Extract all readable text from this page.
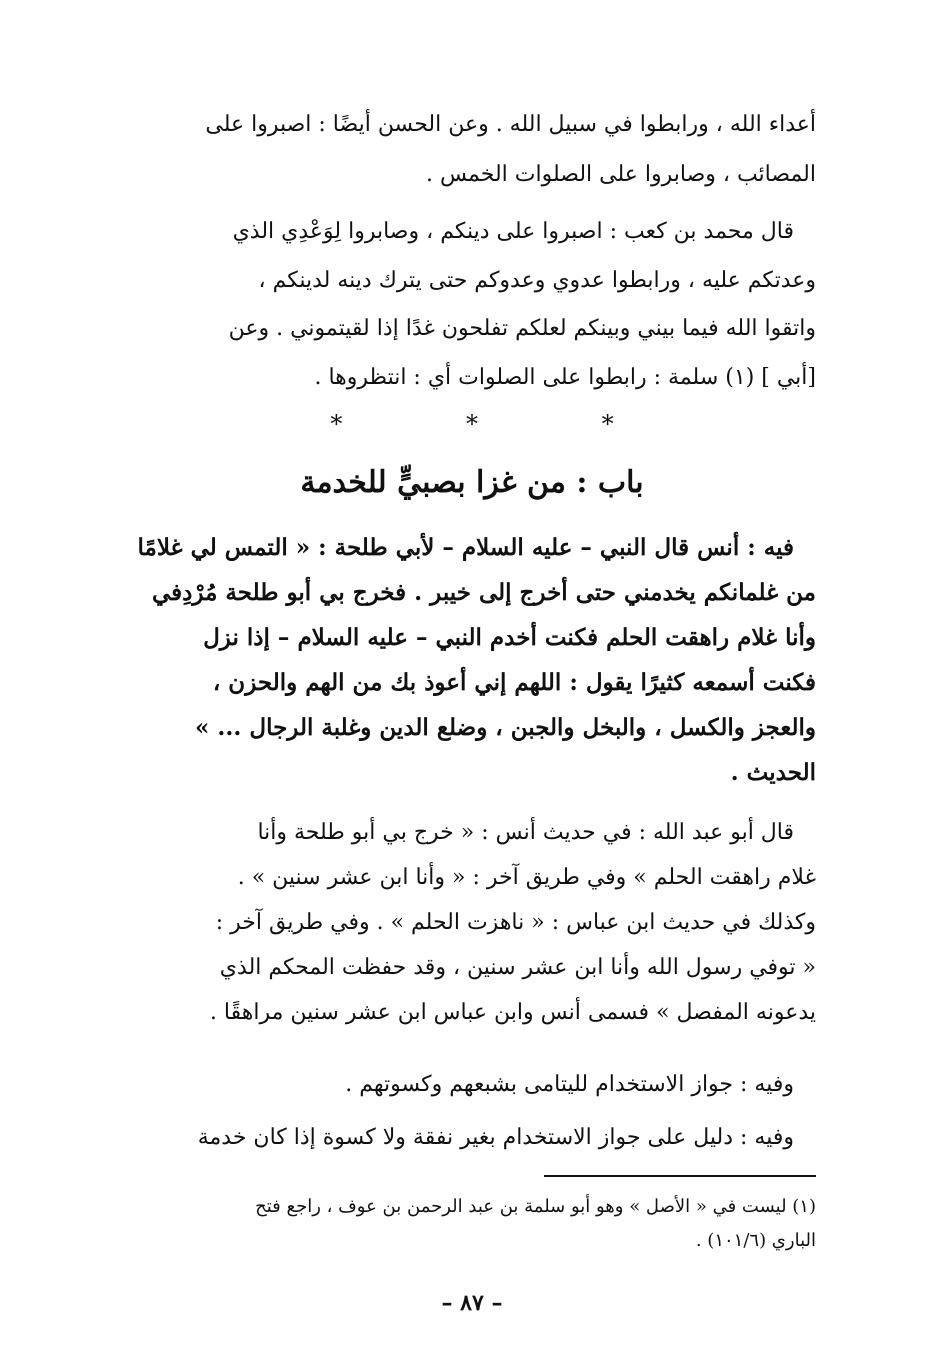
أعداء الله ، ورابطوا في سبيل الله . وعن الحسن أيضًا : اصبروا على
المصائب ، وصابروا على الصلوات الخمس .
قال محمد بن كعب : اصبروا على دينكم ، وصابروا لِوَعْدِي الذي
وعدتكم عليه ، ورابطوا عدوي وعدوكم حتى يترك دينه لدينكم ،
واتقوا الله فيما بيني وبينكم لعلكم تفلحون غدًا إذا لقيتموني . وعن
[أبي ] (١) سلمة : رابطوا على الصلوات أي : انتظروها .
* * *
باب : من غزا بصبيٍّ للخدمة
فيه : أنس قال النبي – عليه السلام – لأبي طلحة : « التمس لي غلامًا
من غلمانكم يخدمني حتى أخرج إلى خيبر . فخرج بي أبو طلحة مُرْدِفي
وأنا غلام راهقت الحلم فكنت أخدم النبي – عليه السلام – إذا نزل
فكنت أسمعه كثيرًا يقول : اللهم إني أعوذ بك من الهم والحزن ،
والعجز والكسل ، والبخل والجبن ، وضلع الدين وغلبة الرجال ... »
الحديث .
قال أبو عبد الله : في حديث أنس : « خرج بي أبو طلحة وأنا
غلام راهقت الحلم » وفي طريق آخر : « وأنا ابن عشر سنين » .
وكذلك في حديث ابن عباس : « ناهزت الحلم » . وفي طريق آخر :
« توفي رسول الله وأنا ابن عشر سنين ، وقد حفظت المحكم الذي
يدعونه المفصل » فسمى أنس وابن عباس ابن عشر سنين مراهقًا .
وفيه : جواز الاستخدام لليتامى بشبعهم وكسوتهم .
وفيه : دليل على جواز الاستخدام بغير نفقة ولا كسوة إذا كان خدمة
(١) ليست في « الأصل » وهو أبو سلمة بن عبد الرحمن بن عوف ، راجع فتح
الباري (١٠١/٦) .
– ٨٧ –
